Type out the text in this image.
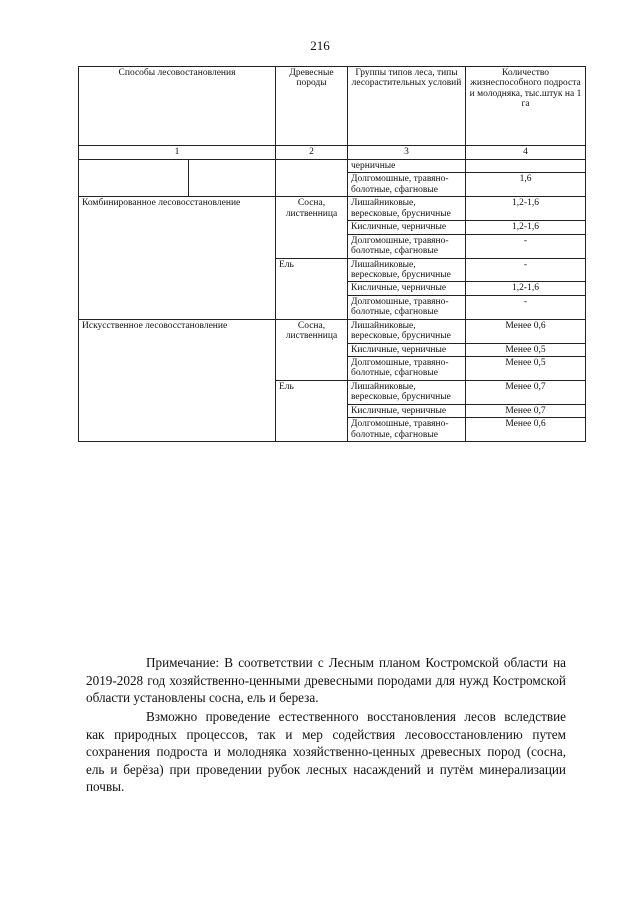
216
Способы лесовостановления		Древесные породы	Группы типов леса, типы лесорастительных условий	Количество жизнеспособного подроста и молодняка, тыс.штук на 1 га
1		2	3	4
			черничные	
			Долгомошные, травяно-болотные, сфагновые	1,6
Комбинированное лесовосстановление		Сосна, лиственница	Лишайниковые, вересковые, брусничные	1,2-1,6
			Кисличные, черничные	1,2-1,6
			Долгомошные, травяно-болотные, сфагновые	-
		Ель	Лишайниковые, вересковые, брусничные	-
			Кисличные, черничные	1,2-1,6
			Долгомошные, травяно-болотные, сфагновые	-
Искусственное лесовосстановление		Сосна, лиственница	Лишайниковые, вересковые, брусничные	Менее 0,6
			Кисличные, черничные	Менее 0,5
			Долгомошные, травяно-болотные, сфагновые	Менее 0,5
		Ель	Лишайниковые, вересковые, брусничные	Менее 0,7
			Кисличные, черничные	Менее 0,7
			Долгомошные, травяно-болотные, сфагновые	Менее 0,6

Примечание: В соответствии с Лесным планом Костромской области на 2019-2028 год хозяйственно-ценными древесными породами для нужд Костромской области установлены сосна, ель и береза.

Взможно проведение естественного восстановления лесов вследствие как природных процессов, так и мер содействия лесовосстановлению путем сохранения подроста и молодняка хозяйственно-ценных древесных пород (сосна, ель и берёза) при проведении рубок лесных насаждений и путём минерализации почвы.
